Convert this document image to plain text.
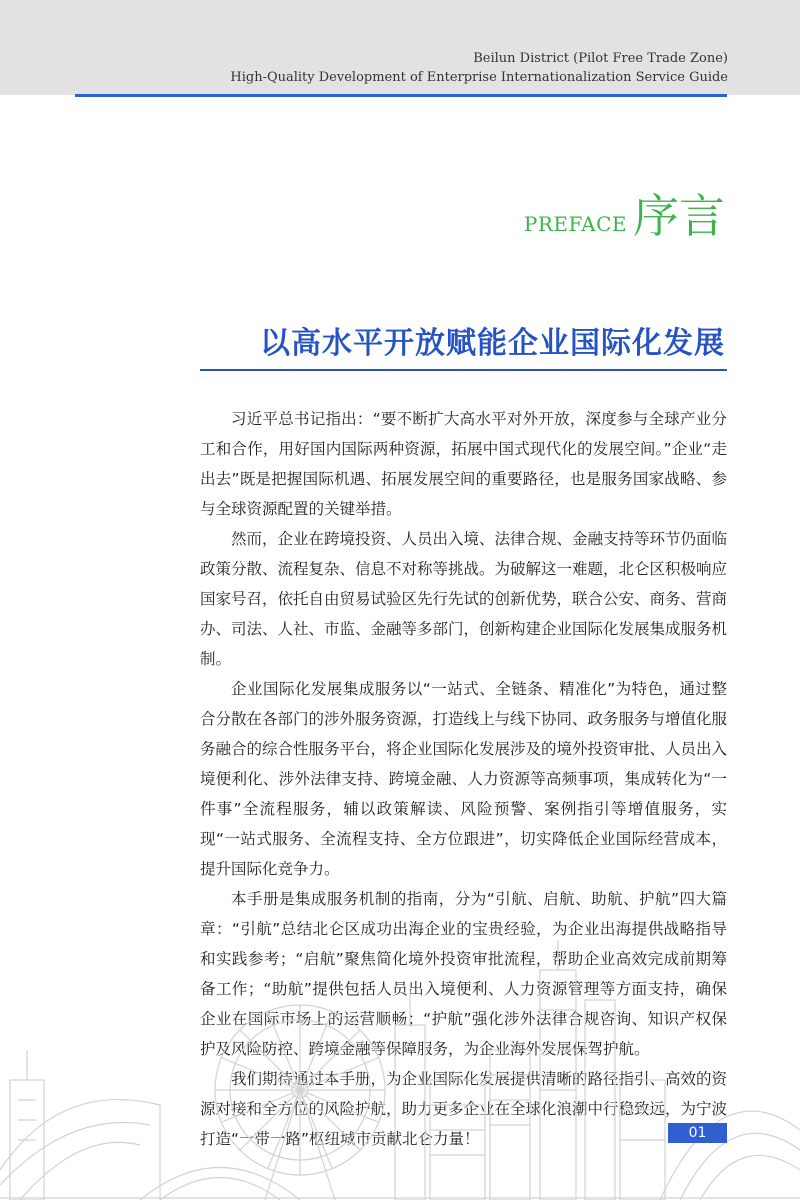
Beilun District (Pilot Free Trade Zone)
High-Quality Development of Enterprise Internationalization Service Guide
PREFACE 序言
以高水平开放赋能企业国际化发展

习近平总书记指出：“要不断扩大高水平对外开放，深度参与全球产业分工和合作，用好国内国际两种资源，拓展中国式现代化的发展空间。”企业“走出去”既是把握国际机遇、拓展发展空间的重要路径，也是服务国家战略、参与全球资源配置的关键举措。

然而，企业在跨境投资、人员出入境、法律合规、金融支持等环节仍面临政策分散、流程复杂、信息不对称等挑战。为破解这一难题，北仑区积极响应国家号召，依托自由贸易试验区先行先试的创新优势，联合公安、商务、营商办、司法、人社、市监、金融等多部门，创新构建企业国际化发展集成服务机制。

企业国际化发展集成服务以“一站式、全链条、精准化”为特色，通过整合分散在各部门的涉外服务资源，打造线上与线下协同、政务服务与增值化服务融合的综合性服务平台，将企业国际化发展涉及的境外投资审批、人员出入境便利化、涉外法律支持、跨境金融、人力资源等高频事项，集成转化为“一件事”全流程服务，辅以政策解读、风险预警、案例指引等增值服务，实现“一站式服务、全流程支持、全方位跟进”，切实降低企业国际经营成本，提升国际化竞争力。

本手册是集成服务机制的指南，分为“引航、启航、助航、护航”四大篇章：“引航”总结北仑区成功出海企业的宝贵经验，为企业出海提供战略指导和实践参考；“启航”聚焦简化境外投资审批流程，帮助企业高效完成前期筹备工作；“助航”提供包括人员出入境便利、人力资源管理等方面支持，确保企业在国际市场上的运营顺畅；“护航”强化涉外法律合规咨询、知识产权保护及风险防控、跨境金融等保障服务，为企业海外发展保驾护航。

我们期待通过本手册，为企业国际化发展提供清晰的路径指引、高效的资源对接和全方位的风险护航，助力更多企业在全球化浪潮中行稳致远，为宁波打造“一带一路”枢纽城市贡献北仑力量！	01
